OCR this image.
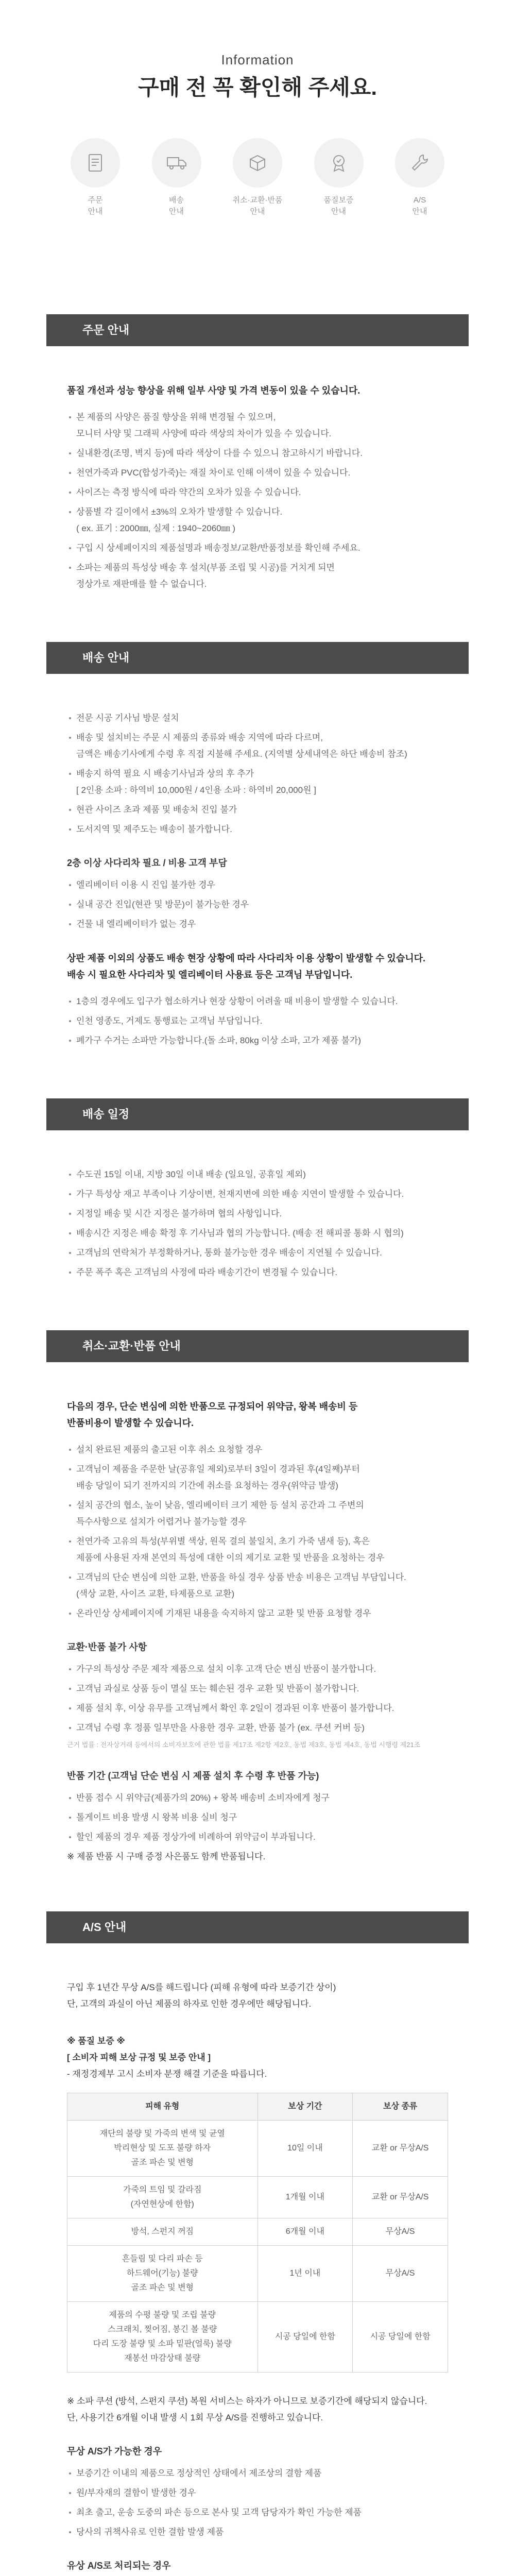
Information
구매 전 꼭 확인해 주세요.
주문
안내
배송
안내
취소·교환·반품
안내
품질보증
안내
A/S
안내
주문 안내
품질 개선과 성능 향상을 위해 일부 사양 및 가격 변동이 있을 수 있습니다.
본 제품의 사양은 품질 향상을 위해 변경될 수 있으며,
모니터 사양 및 그래픽 사양에 따라 색상의 차이가 있을 수 있습니다.
실내환경(조명, 벽지 등)에 따라 색상이 다를 수 있으니 참고하시기 바랍니다.
천연가죽과 PVC(합성가죽)는 재질 차이로 인해 이색이 있을 수 있습니다.
사이즈는 측정 방식에 따라 약간의 오차가 있을 수 있습니다.
상품별 각 길이에서 ±3%의 오차가 발생할 수 있습니다.
( ex. 표기 : 2000㎜, 실제 : 1940~2060㎜ )
구입 시 상세페이지의 제품설명과 배송정보/교환/반품정보를 확인해 주세요.
소파는 제품의 특성상 배송 후 설치(부품 조립 및 시공)를 거치게 되면
정상가로 재판매를 할 수 없습니다.
배송 안내
전문 시공 기사님 방문 설치
배송 및 설치비는 주문 시 제품의 종류와 배송 지역에 따라 다르며,
금액은 배송기사에게 수령 후 직접 지불해 주세요. (지역별 상세내역은 하단 배송비 참조)
배송지 하역 필요 시 배송기사님과 상의 후 추가
[ 2인용 소파 : 하역비 10,000원 / 4인용 소파 : 하역비 20,000원 ]
현관 사이즈 초과 제품 및 배송처 진입 불가
도서지역 및 제주도는 배송이 불가합니다.
2층 이상 사다리차 필요 / 비용 고객 부담
엘리베이터 이용 시 진입 불가한 경우
실내 공간 진입(현관 및 방문)이 불가능한 경우
건물 내 엘리베이터가 없는 경우
상판 제품 이외의 상품도 배송 현장 상황에 따라 사다리차 이용 상황이 발생할 수 있습니다.
배송 시 필요한 사다리차 및 엘리베이터 사용료 등은 고객님 부담입니다.
1층의 경우에도 입구가 협소하거나 현장 상황이 어려울 때 비용이 발생할 수 있습니다.
인천 영종도, 거제도 통행료는 고객님 부담입니다.
폐가구 수거는 소파만 가능합니다.(돌 소파, 80kg 이상 소파, 고가 제품 불가)
배송 일정
수도권 15일 이내, 지방 30일 이내 배송 (일요일, 공휴일 제외)
가구 특성상 재고 부족이나 기상이변, 천재지변에 의한 배송 지연이 발생할 수 있습니다.
지정일 배송 및 시간 지정은 불가하며 협의 사항입니다.
배송시간 지정은 배송 확정 후 기사님과 협의 가능합니다. (배송 전 해피콜 통화 시 협의)
고객님의 연락처가 부정확하거나, 통화 불가능한 경우 배송이 지연될 수 있습니다.
주문 폭주 혹은 고객님의 사정에 따라 배송기간이 변경될 수 있습니다.
취소·교환·반품 안내
다음의 경우, 단순 변심에 의한 반품으로 규정되어 위약금, 왕복 배송비 등
반품비용이 발생할 수 있습니다.
설치 완료된 제품의 출고된 이후 취소 요청할 경우
고객님이 제품을 주문한 날(공휴일 제외)로부터 3일이 경과된 후(4일째)부터
배송 당일이 되기 전까지의 기간에 취소를 요청하는 경우(위약금 발생)
설치 공간의 협소, 높이 낮음, 엘리베이터 크기 제한 등 설치 공간과 그 주변의
특수사항으로 설치가 어렵거나 불가능할 경우
천연가죽 고유의 특성(부위별 색상, 원목 결의 불일치, 초기 가죽 냄새 등), 혹은
제품에 사용된 자재 본연의 특성에 대한 이의 제기로 교환 및 반품을 요청하는 경우
고객님의 단순 변심에 의한 교환, 반품을 하실 경우 상품 반송 비용은 고객님 부담입니다.
(색상 교환, 사이즈 교환, 타제품으로 교환)
온라인상 상세페이지에 기재된 내용을 숙지하지 않고 교환 및 반품 요청할 경우
교환·반품 불가 사항
가구의 특성상 주문 제작 제품으로 설치 이후 고객 단순 변심 반품이 불가합니다.
고객님 과실로 상품 등이 멸실 또는 훼손된 경우 교환 및 반품이 불가합니다.
제품 설치 후, 이상 유무를 고객님께서 확인 후 2일이 경과된 이후 반품이 불가합니다.
고객님 수령 후 정품 일부만을 사용한 경우 교환, 반품 불가 (ex. 쿠션 커버 등)
근거 법률 : 전자상거래 등에서의 소비자보호에 관한 법률 제17조 제2항 제2호, 동법 제3호, 동법 제4호, 동법 시행령 제21조
반품 기간 (고객님 단순 변심 시 제품 설치 후 수령 후 반품 가능)
반품 접수 시 위약금(제품가의 20%) + 왕복 배송비 소비자에게 청구
톨게이트 비용 발생 시 왕복 비용 실비 청구
할인 제품의 경우 제품 정상가에 비례하여 위약금이 부과됩니다.
※ 제품 반품 시 구매 증정 사은품도 함께 반품됩니다.
A/S 안내
구입 후 1년간 무상 A/S를 해드립니다 (피해 유형에 따라 보증기간 상이)
단, 고객의 과실이 아닌 제품의 하자로 인한 경우에만 해당됩니다.
※ 품질 보증 ※
[ 소비자 피해 보상 규정 및 보증 안내 ]
- 재정경제부 고시 소비자 분쟁 해결 기준을 따릅니다.
피해 유형	보상 기간	보상 종류
재단의 불량 및 가죽의 변색 및 균열
박리현상 및 도포 불량 하자
골조 파손 및 변형	10일 이내	교환 or 무상A/S
가죽의 트임 및 갈라짐
(자연현상에 한함)	1개월 이내	교환 or 무상A/S
방석, 스펀지 꺼짐	6개월 이내	무상A/S
흔들림 및 다리 파손 등
하드웨어(기능) 불량
골조 파손 및 변형	1년 이내	무상A/S
제품의 수평 불량 및 조립 불량
스크래치, 찢어짐, 봉긴 볼 불량
다리 도장 불량 및 소파 밑판(얼룩) 불량
재봉선 마감상태 불량	시공 당일에 한함	시공 당일에 한함
※ 소파 쿠션 (방석, 스펀지 쿠션) 복원 서비스는 하자가 아니므로 보증기간에 해당되지 않습니다.
단, 사용기간 6개월 이내 발생 시 1회 무상 A/S를 진행하고 있습니다.
무상 A/S가 가능한 경우
보증기간 이내의 제품으로 정상적인 상태에서 제조상의 결함 제품
원/부자재의 결함이 발생한 경우
최초 출고, 운송 도중의 파손 등으로 본사 및 고객 담당자가 확인 가능한 제품
당사의 귀책사유로 인한 결함 발생 제품
유상 A/S로 처리되는 경우
